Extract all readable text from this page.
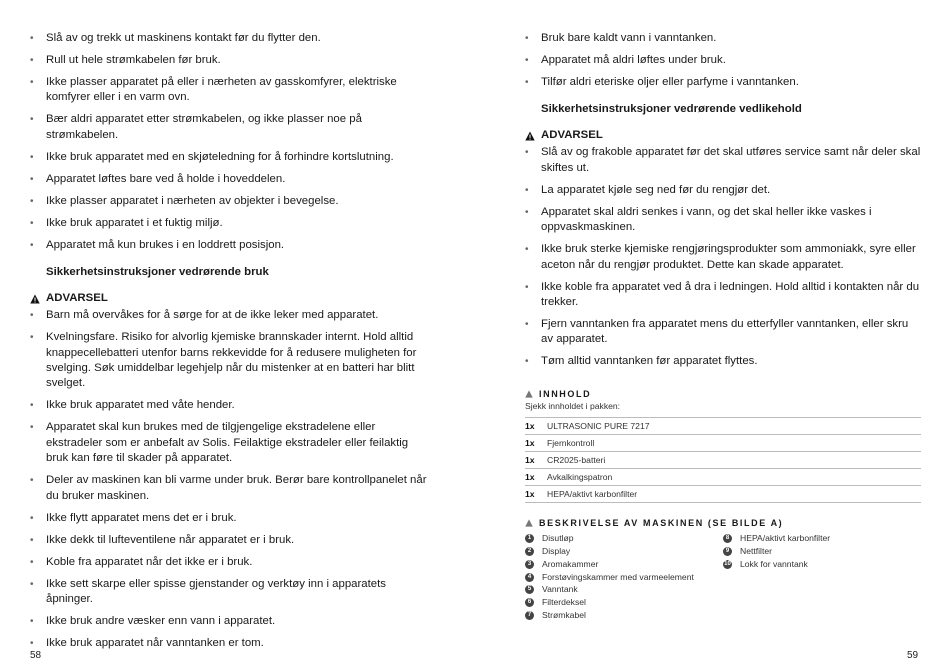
• Slå av og trekk ut maskinens kontakt før du flytter den.
• Rull ut hele strømkabelen før bruk.
• Ikke plasser apparatet på eller i nærheten av gasskomfyrer, elektriske komfyrer eller i en varm ovn.
• Bær aldri apparatet etter strømkabelen, og ikke plasser noe på strømkabelen.
• Ikke bruk apparatet med en skjøteledning for å forhindre kortslutning.
• Apparatet løftes bare ved å holde i hoveddelen.
• Ikke plasser apparatet i nærheten av objekter i bevegelse.
• Ikke bruk apparatet i et fuktig miljø.
• Apparatet må kun brukes i en loddrett posisjon.
Sikkerhetsinstruksjoner vedrørende bruk
ADVARSEL
• Barn må overvåkes for å sørge for at de ikke leker med apparatet.
• Kvelningsfare. Risiko for alvorlig kjemiske brannskader internt. Hold alltid knappecellebatteri utenfor barns rekkevidde for å redusere muligheten for svelging. Søk umiddelbar legehjelp når du mistenker at en batteri har blitt svelget.
• Ikke bruk apparatet med våte hender.
• Apparatet skal kun brukes med de tilgjengelige ekstradelene eller ekstradeler som er anbefalt av Solis. Feilaktige ekstradeler eller feilaktig bruk kan føre til skader på apparatet.
• Deler av maskinen kan bli varme under bruk. Berør bare kontrollpanelet når du bruker maskinen.
• Ikke flytt apparatet mens det er i bruk.
• Ikke dekk til lufteventilene når apparatet er i bruk.
• Koble fra apparatet når det ikke er i bruk.
• Ikke sett skarpe eller spisse gjenstander og verktøy inn i apparatets åpninger.
• Ikke bruk andre væsker enn vann i apparatet.
• Ikke bruk apparatet når vanntanken er tom.
58
• Bruk bare kaldt vann i vanntanken.
• Apparatet må aldri løftes under bruk.
• Tilfør aldri eteriske oljer eller parfyme i vanntanken.
Sikkerhetsinstruksjoner vedrørende vedlikehold
ADVARSEL
• Slå av og frakoble apparatet før det skal utføres service samt når deler skal skiftes ut.
• La apparatet kjøle seg ned før du rengjør det.
• Apparatet skal aldri senkes i vann, og det skal heller ikke vaskes i oppvaskmaskinen.
• Ikke bruk sterke kjemiske rengjøringsprodukter som ammoniakk, syre eller aceton når du rengjør produktet. Dette kan skade apparatet.
• Ikke koble fra apparatet ved å dra i ledningen. Hold alltid i kontakten når du trekker.
• Fjern vanntanken fra apparatet mens du etterfyller vanntanken, eller skru av apparatet.
• Tøm alltid vanntanken før apparatet flyttes.
INNHOLD
Sjekk innholdet i pakken:
1x	ULTRASONIC PURE 7217
1x	Fjernkontroll
1x	CR2025-batteri
1x	Avkalkingspatron
1x	HEPA/aktivt karbonfilter
BESKRIVELSE AV MASKINEN (SE BILDE A)
1	Disutløp
2	Display
3	Aromakammer
4	Forstøvingskammer med varmeelement
5	Vanntank
6	Filterdeksel
7	Strømkabel
8	HEPA/aktivt karbonfilter
9	Nettfilter
10 Lokk for vanntank
59
